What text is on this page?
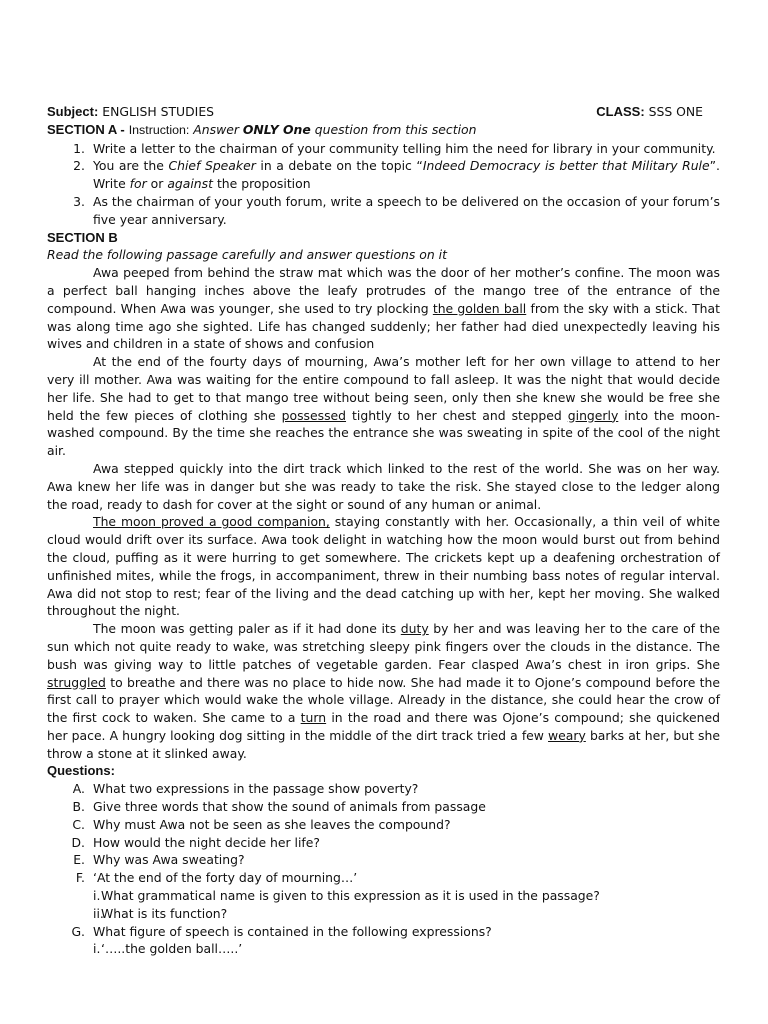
Subject: ENGLISH STUDIES	CLASS: SSS ONE
SECTION A - Instruction: Answer ONLY One question from this section
1. Write a letter to the chairman of your community telling him the need for library in your community.
2. You are the Chief Speaker in a debate on the topic “Indeed Democracy is better that Military Rule”. Write for or against the proposition
3. As the chairman of your youth forum, write a speech to be delivered on the occasion of your forum’s five year anniversary.
SECTION B
Read the following passage carefully and answer questions on it
Awa peeped from behind the straw mat which was the door of her mother’s confine. The moon was a perfect ball hanging inches above the leafy protrudes of the mango tree of the entrance of the compound. When Awa was younger, she used to try plocking the golden ball from the sky with a stick. That was along time ago she sighted. Life has changed suddenly; her father had died unexpectedly leaving his wives and children in a state of shows and confusion
At the end of the fourty days of mourning, Awa’s mother left for her own village to attend to her very ill mother. Awa was waiting for the entire compound to fall asleep. It was the night that would decide her life. She had to get to that mango tree without being seen, only then she knew she would be free she held the few pieces of clothing she possessed tightly to her chest and stepped gingerly into the moon-washed compound. By the time she reaches the entrance she was sweating in spite of the cool of the night air.
Awa stepped quickly into the dirt track which linked to the rest of the world. She was on her way. Awa knew her life was in danger but she was ready to take the risk. She stayed close to the ledger along the road, ready to dash for cover at the sight or sound of any human or animal.
The moon proved a good companion, staying constantly with her. Occasionally, a thin veil of white cloud would drift over its surface. Awa took delight in watching how the moon would burst out from behind the cloud, puffing as it were hurring to get somewhere. The crickets kept up a deafening orchestration of unfinished mites, while the frogs, in accompaniment, threw in their numbing bass notes of regular interval. Awa did not stop to rest; fear of the living and the dead catching up with her, kept her moving. She walked throughout the night.
The moon was getting paler as if it had done its duty by her and was leaving her to the care of the sun which not quite ready to wake, was stretching sleepy pink fingers over the clouds in the distance. The bush was giving way to little patches of vegetable garden. Fear clasped Awa’s chest in iron grips. She struggled to breathe and there was no place to hide now. She had made it to Ojone’s compound before the first call to prayer which would wake the whole village. Already in the distance, she could hear the crow of the first cock to waken. She came to a turn in the road and there was Ojone’s compound; she quickened her pace. A hungry looking dog sitting in the middle of the dirt track tried a few weary barks at her, but she throw a stone at it slinked away.
Questions:
A. What two expressions in the passage show poverty?
B. Give three words that show the sound of animals from passage
C. Why must Awa not be seen as she leaves the compound?
D. How would the night decide her life?
E. Why was Awa sweating?
F. ‘At the end of the forty day of mourning…’
i. What grammatical name is given to this expression as it is used in the passage?
ii.
What is its function?
G. What figure of speech is contained in the following expressions?
i. ‘…..the golden ball…..’
